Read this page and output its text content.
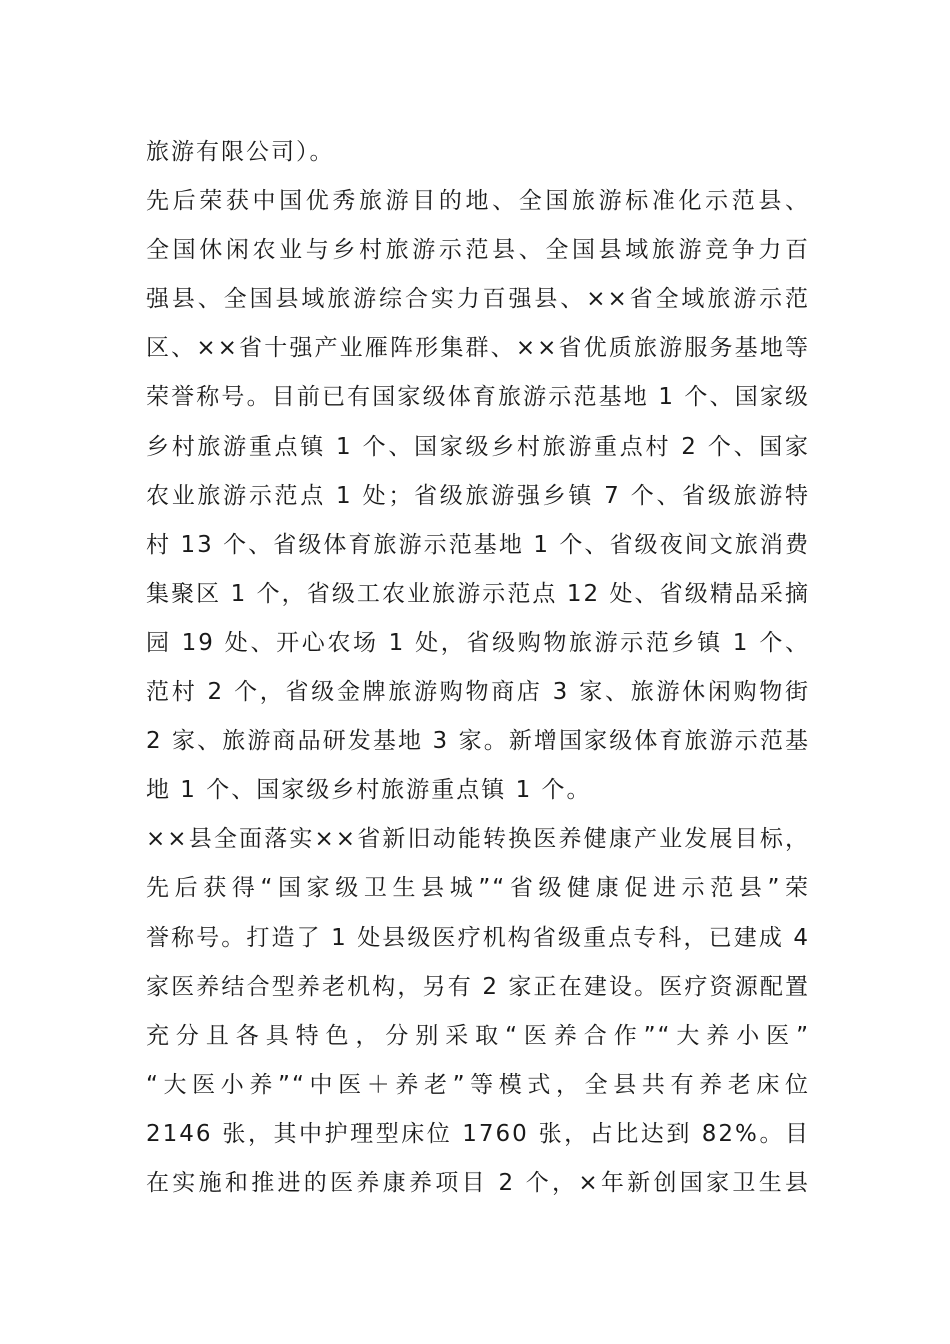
旅游有限公司）。
先后荣获中国优秀旅游目的地、全国旅游标准化示范县、
全国休闲农业与乡村旅游示范县、全国县域旅游竞争力百
强县、全国县域旅游综合实力百强县、××省全域旅游示范
区、××省十强产业雁阵形集群、××省优质旅游服务基地等
荣誉称号。目前已有国家级体育旅游示范基地 1 个、国家级
乡村旅游重点镇 1 个、国家级乡村旅游重点村 2 个、国家
农业旅游示范点 1 处；省级旅游强乡镇 7 个、省级旅游特
村 13 个、省级体育旅游示范基地 1 个、省级夜间文旅消费
集聚区 1 个，省级工农业旅游示范点 12 处、省级精品采摘
园 19 处、开心农场 1 处，省级购物旅游示范乡镇 1 个、
范村 2 个，省级金牌旅游购物商店 3 家、旅游休闲购物街
2 家、旅游商品研发基地 3 家。新增国家级体育旅游示范基
地 1 个、国家级乡村旅游重点镇 1 个。
××县全面落实××省新旧动能转换医养健康产业发展目标，
先后获得“国家级卫生县城”“省级健康促进示范县”荣
誉称号。打造了 1 处县级医疗机构省级重点专科，已建成 4
家医养结合型养老机构，另有 2 家正在建设。医疗资源配置
充分且各具特色，分别采取“医养合作”“大养小医”
“大医小养”“中医＋养老”等模式，全县共有养老床位
2146 张，其中护理型床位 1760 张，占比达到 82%。目
在实施和推进的医养康养项目 2 个，×年新创国家卫生县
